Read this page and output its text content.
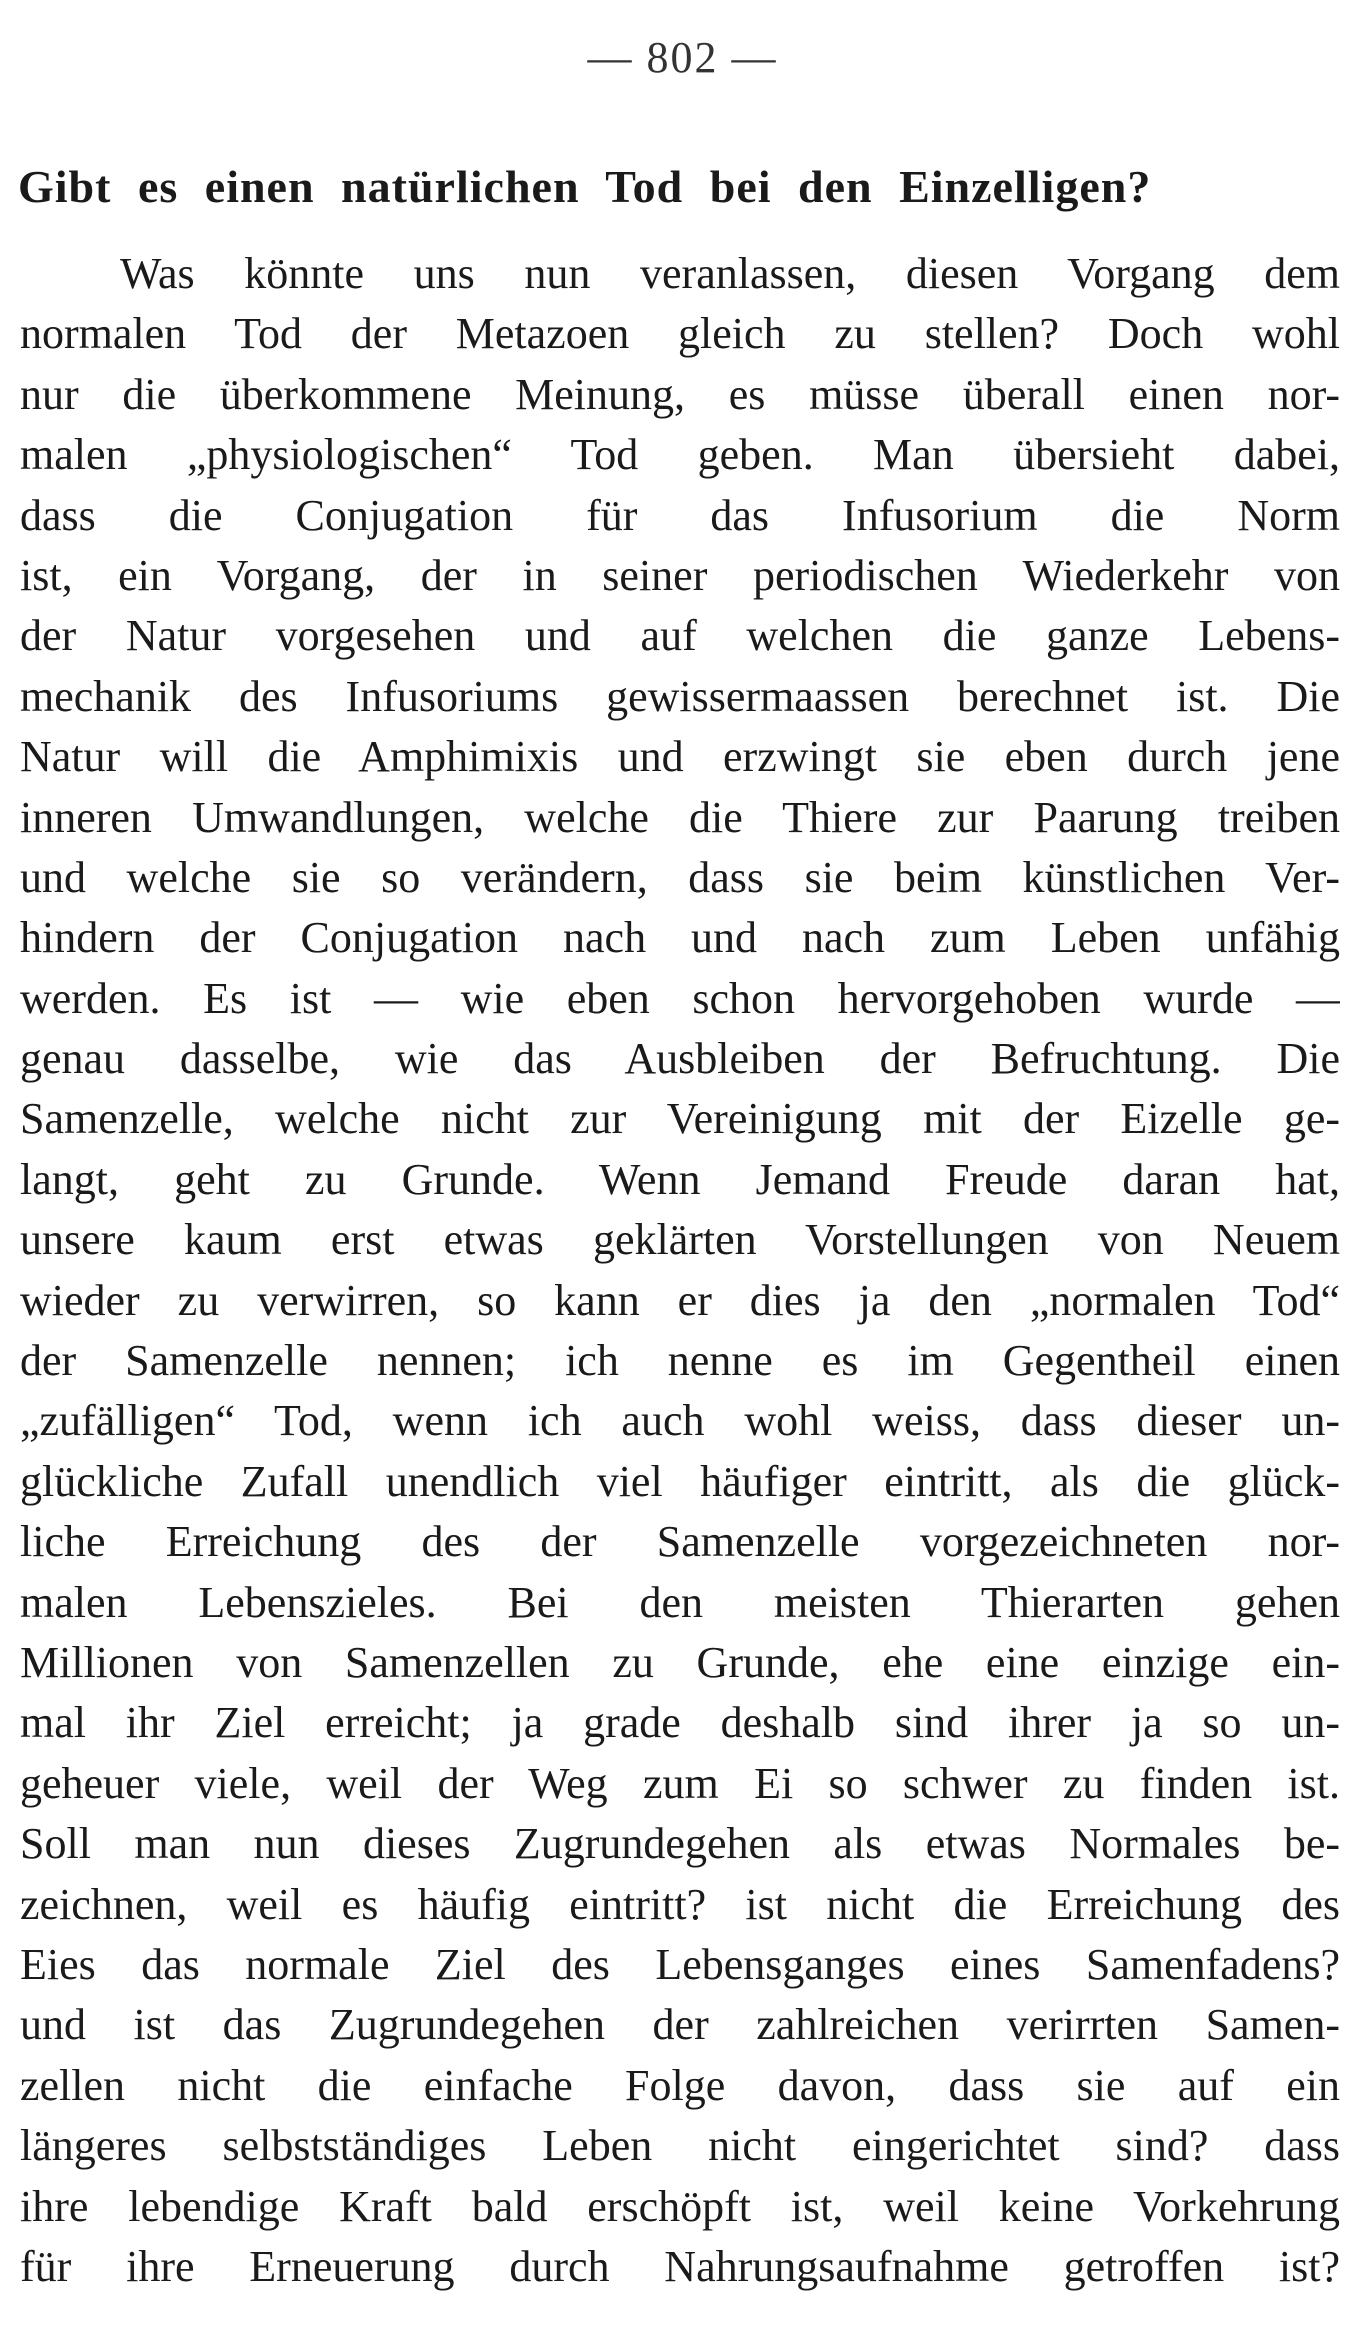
— 802 —
Gibt es einen natürlichen Tod bei den Einzelligen?
Was könnte uns nun veranlassen, diesen Vorgang dem
normalen Tod der Metazoen gleich zu stellen? Doch wohl
nur die überkommene Meinung, es müsse überall einen nor-
malen „physiologischen“ Tod geben. Man übersieht dabei,
dass die Conjugation für das Infusorium die Norm
ist, ein Vorgang, der in seiner periodischen Wiederkehr von
der Natur vorgesehen und auf welchen die ganze Lebens-
mechanik des Infusoriums gewissermaassen berechnet ist. Die
Natur will die Amphimixis und erzwingt sie eben durch jene
inneren Umwandlungen, welche die Thiere zur Paarung treiben
und welche sie so verändern, dass sie beim künstlichen Ver-
hindern der Conjugation nach und nach zum Leben unfähig
werden. Es ist — wie eben schon hervorgehoben wurde —
genau dasselbe, wie das Ausbleiben der Befruchtung. Die
Samenzelle, welche nicht zur Vereinigung mit der Eizelle ge-
langt, geht zu Grunde. Wenn Jemand Freude daran hat,
unsere kaum erst etwas geklärten Vorstellungen von Neuem
wieder zu verwirren, so kann er dies ja den „normalen Tod“
der Samenzelle nennen; ich nenne es im Gegentheil einen
„zufälligen“ Tod, wenn ich auch wohl weiss, dass dieser un-
glückliche Zufall unendlich viel häufiger eintritt, als die glück-
liche Erreichung des der Samenzelle vorgezeichneten nor-
malen Lebenszieles. Bei den meisten Thierarten gehen
Millionen von Samenzellen zu Grunde, ehe eine einzige ein-
mal ihr Ziel erreicht; ja grade deshalb sind ihrer ja so un-
geheuer viele, weil der Weg zum Ei so schwer zu finden ist.
Soll man nun dieses Zugrundegehen als etwas Normales be-
zeichnen, weil es häufig eintritt? ist nicht die Erreichung des
Eies das normale Ziel des Lebensganges eines Samenfadens?
und ist das Zugrundegehen der zahlreichen verirrten Samen-
zellen nicht die einfache Folge davon, dass sie auf ein
längeres selbstständiges Leben nicht eingerichtet sind? dass
ihre lebendige Kraft bald erschöpft ist, weil keine Vorkehrung
für ihre Erneuerung durch Nahrungsaufnahme getroffen ist?
